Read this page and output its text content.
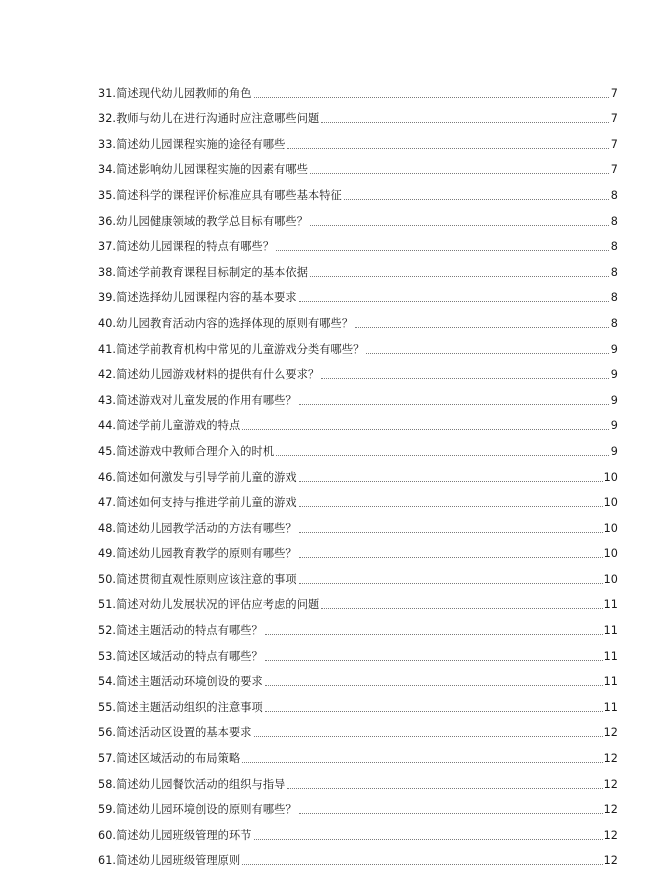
31.简述现代幼儿园教师的角色	7
32.教师与幼儿在进行沟通时应注意哪些问题	7
33.简述幼儿园课程实施的途径有哪些	7
34.简述影响幼儿园课程实施的因素有哪些	7
35.简述科学的课程评价标准应具有哪些基本特征	8
36.幼儿园健康领域的教学总目标有哪些？	8
37.简述幼儿园课程的特点有哪些？	8
38.简述学前教育课程目标制定的基本依据	8
39.简述选择幼儿园课程内容的基本要求	8
40.幼儿园教育活动内容的选择体现的原则有哪些？	8
41.简述学前教育机构中常见的儿童游戏分类有哪些？	9
42.简述幼儿园游戏材料的提供有什么要求？	9
43.简述游戏对儿童发展的作用有哪些？	9
44.简述学前儿童游戏的特点	9
45.简述游戏中教师合理介入的时机	9
46.简述如何激发与引导学前儿童的游戏	10
47.简述如何支持与推进学前儿童的游戏	10
48.简述幼儿园教学活动的方法有哪些？	10
49.简述幼儿园教育教学的原则有哪些？	10
50.简述贯彻直观性原则应该注意的事项	10
51.简述对幼儿发展状况的评估应考虑的问题	11
52.简述主题活动的特点有哪些？	11
53.简述区域活动的特点有哪些？	11
54.简述主题活动环境创设的要求	11
55.简述主题活动组织的注意事项	11
56.简述活动区设置的基本要求	12
57.简述区域活动的布局策略	12
58.简述幼儿园餐饮活动的组织与指导	12
59.简述幼儿园环境创设的原则有哪些？	12
60.简述幼儿园班级管理的环节	12
61.简述幼儿园班级管理原则	12
